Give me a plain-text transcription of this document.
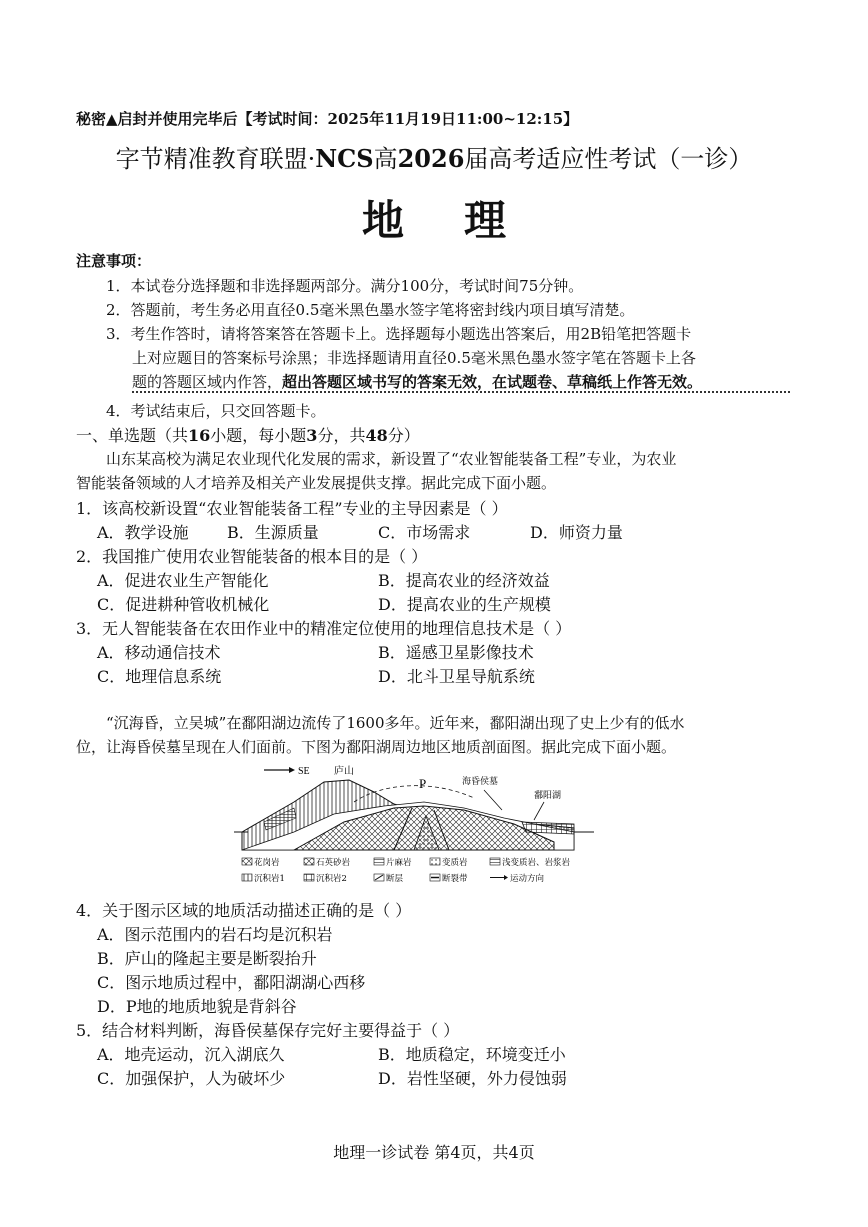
秘密▲启封并使用完毕后【考试时间：2025年11月19日11:00~12:15】
字节精准教育联盟·NCS高2026届高考适应性考试（一诊）
地理
注意事项：
1．本试卷分选择题和非选择题两部分。满分100分，考试时间75分钟。
2．答题前，考生务必用直径0.5毫米黑色墨水签字笔将密封线内项目填写清楚。
3．考生作答时，请将答案答在答题卡上。选择题每小题选出答案后，用2B铅笔把答题卡
上对应题目的答案标号涂黑；非选择题请用直径0.5毫米黑色墨水签字笔在答题卡上各
题的答题区域内作答，超出答题区域书写的答案无效，在试题卷、草稿纸上作答无效。
4．考试结束后，只交回答题卡。
一、单选题（共16小题，每小题3分，共48分）
山东某高校为满足农业现代化发展的需求，新设置了“农业智能装备工程”专业，为农业
智能装备领域的人才培养及相关产业发展提供支撑。据此完成下面小题。
1．该高校新设置“农业智能装备工程”专业的主导因素是（ ）
A．教学设施 B．生源质量	C．市场需求	D．师资力量
2．我国推广使用农业智能装备的根本目的是（ ）
A．促进农业生产智能化	B．提高农业的经济效益
C．促进耕种管收机械化	D．提高农业的生产规模
3．无人智能装备在农田作业中的精准定位使用的地理信息技术是（ ）
A．移动通信技术	B．遥感卫星影像技术
C．地理信息系统	D．北斗卫星导航系统
“沉海昏，立吴城”在鄱阳湖边流传了1600多年。近年来，鄱阳湖出现了史上少有的低水
位，让海昏侯墓呈现在人们面前。下图为鄱阳湖周边地区地质剖面图。据此完成下面小题。
SE 庐山
P	海昏侯墓
鄱阳湖
花岗岩	石英砂岩	片麻岩	变质岩	浅变质岩、岩浆岩
沉积岩1	沉积岩2	断层	断裂带	运动方向
4．关于图示区域的地质活动描述正确的是（ ）
A．图示范围内的岩石均是沉积岩
B．庐山的隆起主要是断裂抬升
C．图示地质过程中，鄱阳湖湖心西移
D．P地的地质地貌是背斜谷
5．结合材料判断，海昏侯墓保存完好主要得益于（ ）
A．地壳运动，沉入湖底久	B．地质稳定，环境变迁小
C．加强保护，人为破坏少	D．岩性坚硬，外力侵蚀弱
地理一诊试卷 第4页，共4页
